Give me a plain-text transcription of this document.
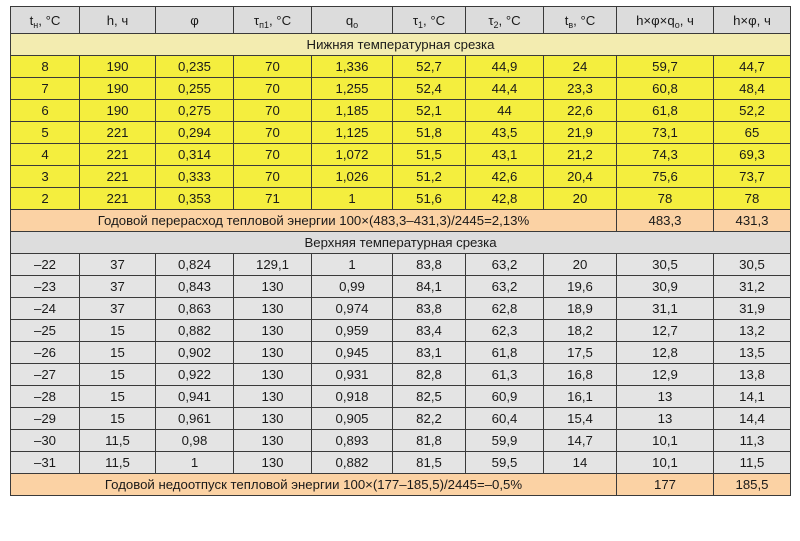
$t_н$, °С	h, ч	φ	$\tau_{п1}$, °С	$q_о$	$\tau_1$, °С	$\tau_2$, °С	$t_в$, °С	$h\times\varphi\times q_о$, ч	h×φ, ч
Нижняя температурная срезка									
8	190	0,235	70	1,336	52,7	44,9	24	59,7	44,7
7	190	0,255	70	1,255	52,4	44,4	23,3	60,8	48,4
6	190	0,275	70	1,185	52,1	44	22,6	61,8	52,2
5	221	0,294	70	1,125	51,8	43,5	21,9	73,1	65
4	221	0,314	70	1,072	51,5	43,1	21,2	74,3	69,3
3	221	0,333	70	1,026	51,2	42,6	20,4	75,6	73,7
2	221	0,353	71	1	51,6	42,8	20	78	78
Годовой перерасход тепловой энергии 100×(483,3–431,3)/2445=2,13%								483,3	431,3
Верхняя температурная срезка									
–22	37	0,824	129,1	1	83,8	63,2	20	30,5	30,5
–23	37	0,843	130	0,99	84,1	63,2	19,6	30,9	31,2
–24	37	0,863	130	0,974	83,8	62,8	18,9	31,1	31,9
–25	15	0,882	130	0,959	83,4	62,3	18,2	12,7	13,2
–26	15	0,902	130	0,945	83,1	61,8	17,5	12,8	13,5
–27	15	0,922	130	0,931	82,8	61,3	16,8	12,9	13,8
–28	15	0,941	130	0,918	82,5	60,9	16,1	13	14,1
–29	15	0,961	130	0,905	82,2	60,4	15,4	13	14,4
–30	11,5	0,98	130	0,893	81,8	59,9	14,7	10,1	11,3
–31	11,5	1	130	0,882	81,5	59,5	14	10,1	11,5
Годовой недоотпуск тепловой энергии 100×(177–185,5)/2445=–0,5%								177	185,5
